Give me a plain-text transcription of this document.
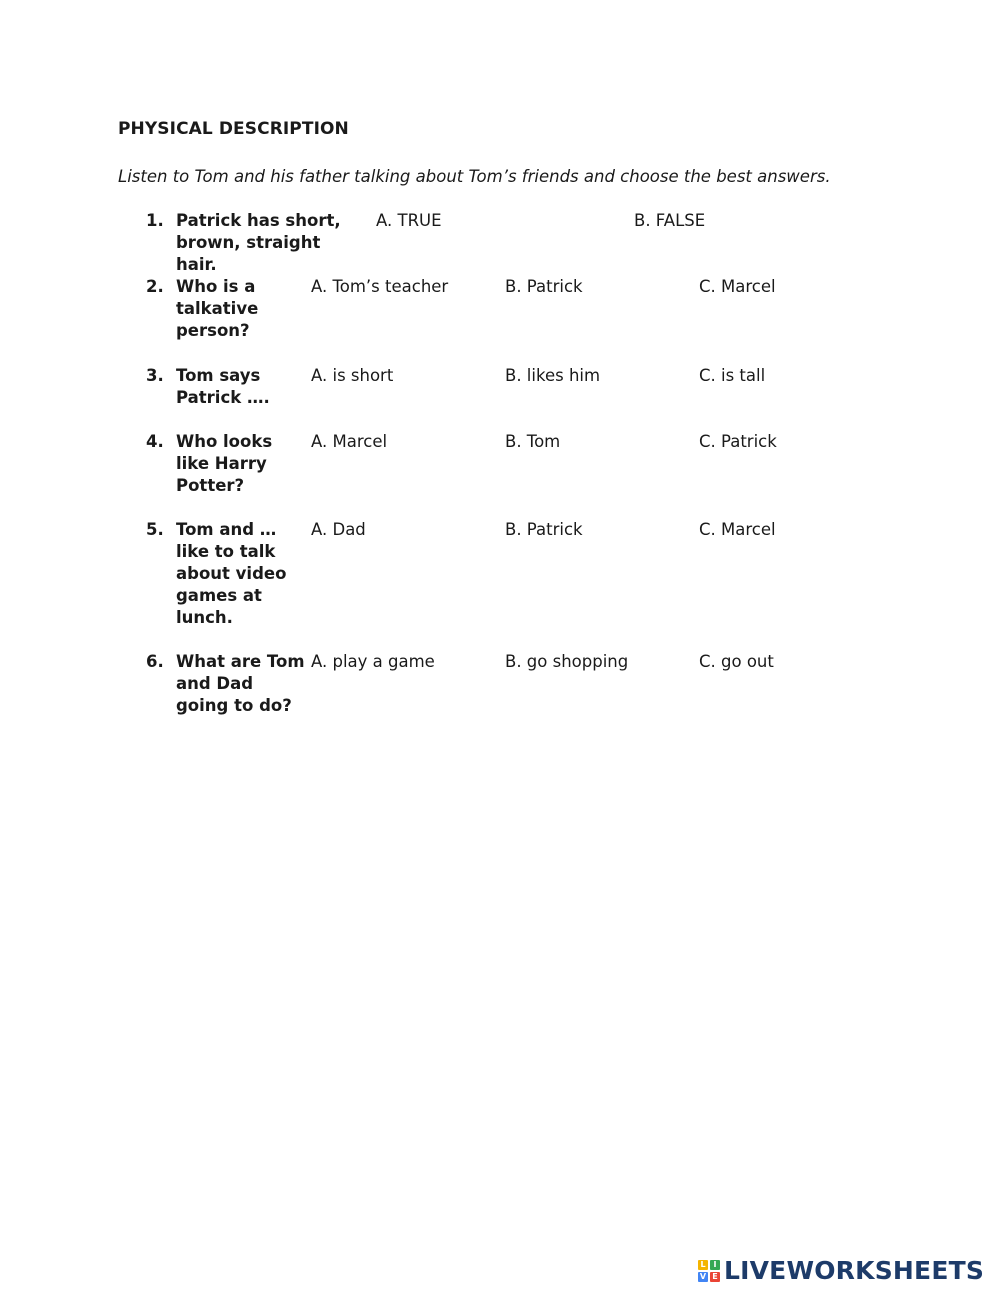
PHYSICAL DESCRIPTION

Listen to Tom and his father talking about Tom’s friends and choose the best answers.

1. Patrick has short, brown, straight hair.
A. TRUE	B. FALSE
2. Who is a talkative person?
A. Tom’s teacher	B. Patrick	C. Marcel
3. Tom says Patrick ….
A. is short	B. likes him	C. is tall
4. Who looks like Harry Potter?
A. Marcel	B. Tom	C. Patrick
5. Tom and …like to talk about video games at lunch.
A. Dad	B. Patrick	C. Marcel
6. What are Tom and Dad going to do?
A. play a game	B. go shopping	C. go out
L I
V E LIVEWORKSHEETS
